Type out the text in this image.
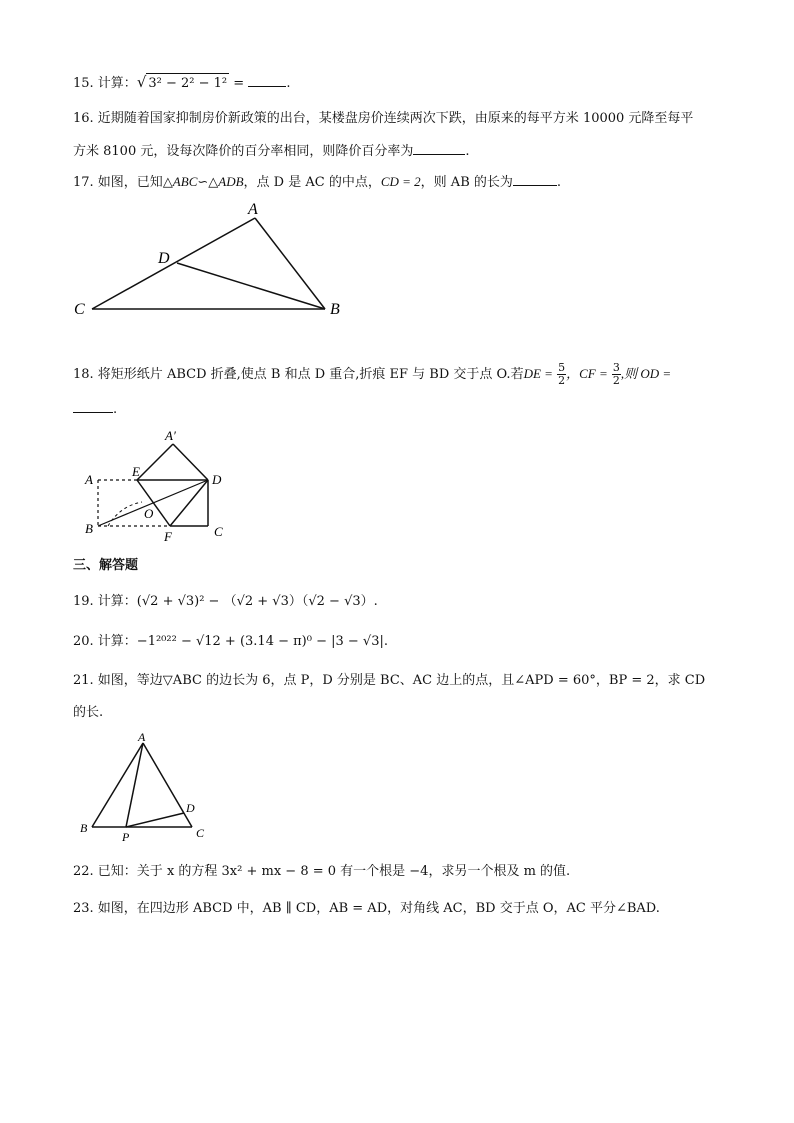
15. 计算：√ 3² − 2² − 1² =	.
16. 近期随着国家抑制房价新政策的出台，某楼盘房价连续两次下跌，由原来的每平方米 10000 元降至每平
方米 8100 元，设每次降价的百分率相同，则降价百分率为	.
17. 如图，已知△ABC∽△ADB，点 D 是 AC 的中点，CD = 2，则 AB 的长为	.
A
D
C	B
18. 将矩形纸片 ABCD 折叠,使点 B 和点 D 重合,折痕 EF 与 BD 交于点 O.若DE = $\frac{5}{2}$ ，CF = $\frac{3}{2}$ ,则 OD =
.
A′
A
E
D
B
O
F	C
三、解答题
19. 计算：(√2 + √3)² − （√2 + √3）（√2 − √3）.
20. 计算：−1²⁰²² − √12 + (3.14 − π)⁰ − |3 − √3|.
21. 如图，等边▽ABC 的边长为 6，点 P，D 分别是 BC、AC 边上的点，且∠APD = 60°，BP = 2，求 CD
的长.
A
B	C
D
P
22. 已知：关于 x 的方程 3x² + mx − 8 = 0 有一个根是 −4，求另一个根及 m 的值.
23. 如图，在四边形 ABCD 中，AB ∥ CD，AB = AD，对角线 AC，BD 交于点 O，AC 平分∠BAD.
